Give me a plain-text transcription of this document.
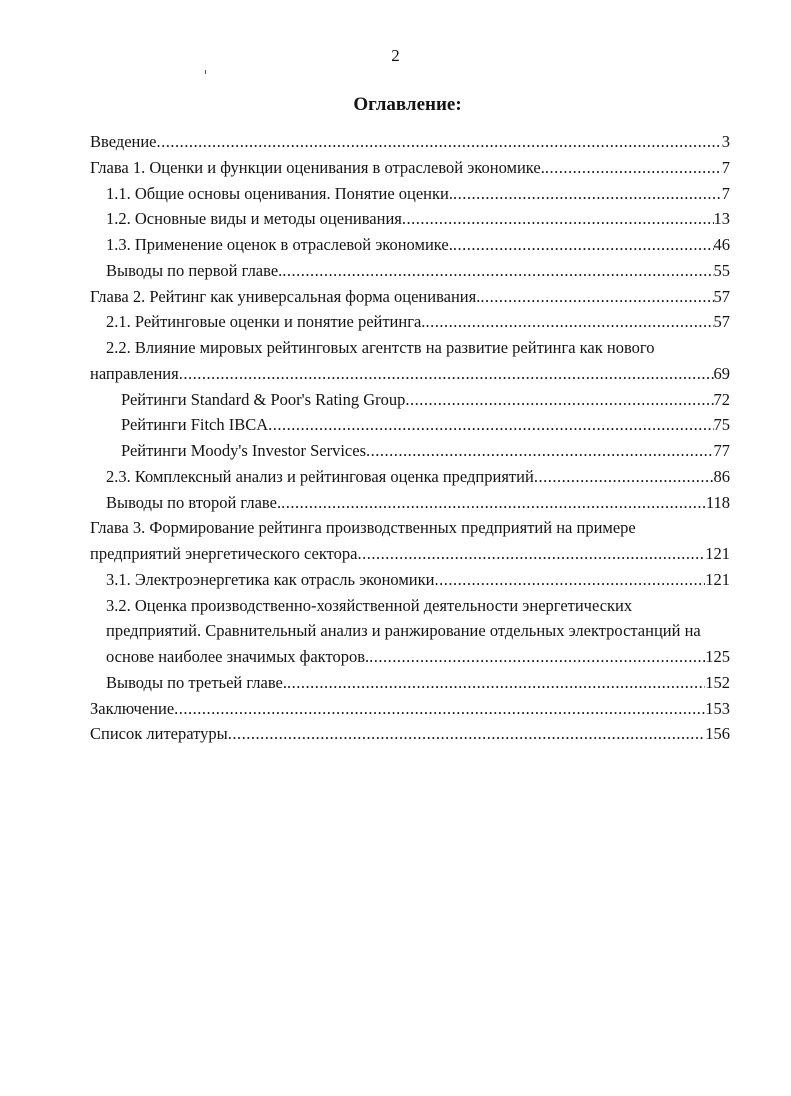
2
Оглавление:
Введение .....	3
Глава 1. Оценки и функции оценивания в отраслевой экономике. .....	7
1.1. Общие основы оценивания. Понятие оценки. .....	7
1.2. Основные виды и методы оценивания .....	13
1.3. Применение оценок в отраслевой экономике. .....	46
Выводы по первой главе. .....	55
Глава 2. Рейтинг как универсальная форма оценивания. .....	57
2.1. Рейтинговые оценки и понятие рейтинга. .....	57
2.2. Влияние мировых рейтинговых агентств на развитие рейтинга как нового
направления .....	69
Рейтинги Standard & Poor's Rating Group .....	72
Рейтинги Fitch IBCA .....	75
Рейтинги Moody's Investor Services .....	77
2.3. Комплексный анализ и рейтинговая оценка предприятий .....	86
Выводы по второй главе. .....	118
Глава 3. Формирование рейтинга производственных предприятий на примере
предприятий энергетического сектора .....	121
3.1. Электроэнергетика как отрасль экономики .....	121
3.2. Оценка производственно-хозяйственной деятельности энергетических
предприятий. Сравнительный анализ и ранжирование отдельных электростанций на
основе наиболее значимых факторов. .....	125
Выводы по третьей главе. .....	152
Заключение .....	153
Список литературы .....	156
